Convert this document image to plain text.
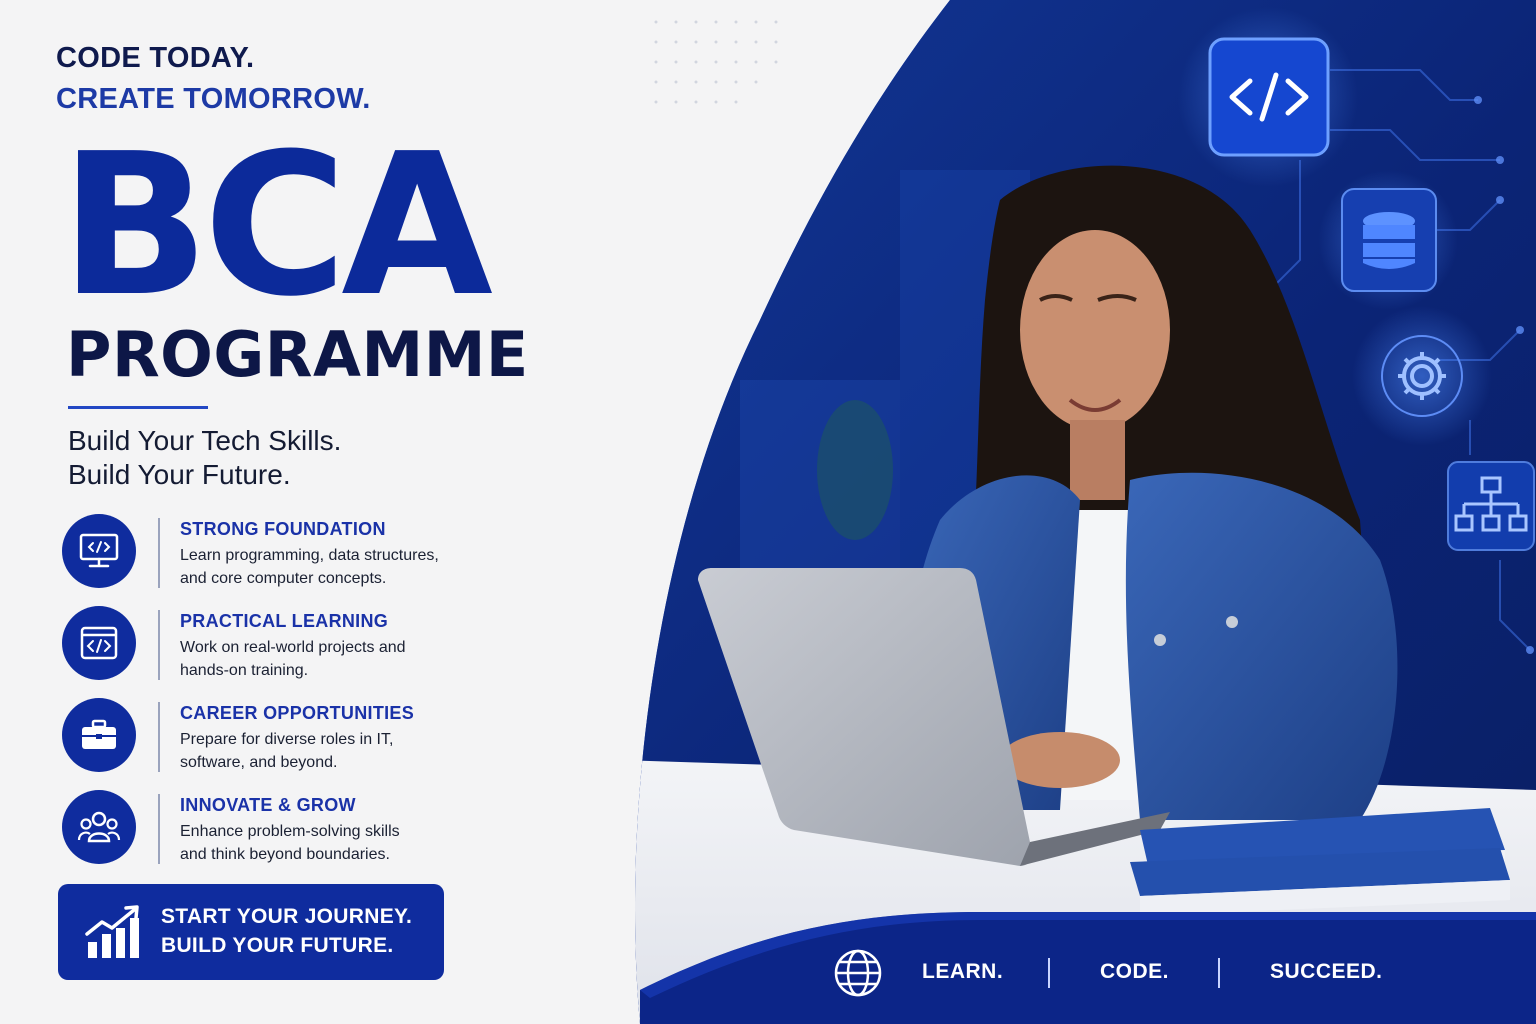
CODE TODAY.
CREATE TOMORROW.
BCA
PROGRAMME
Build Your Tech Skills.
Build Your Future.
STRONG FOUNDATION
Learn programming, data structures,
and core computer concepts.
PRACTICAL LEARNING
Work on real-world projects and
hands-on training.
CAREER OPPORTUNITIES
Prepare for diverse roles in IT,
software, and beyond.
INNOVATE & GROW
Enhance problem-solving skills
and think beyond boundaries.
START YOUR JOURNEY.
BUILD YOUR FUTURE.
LEARN.	CODE.	SUCCEED.
